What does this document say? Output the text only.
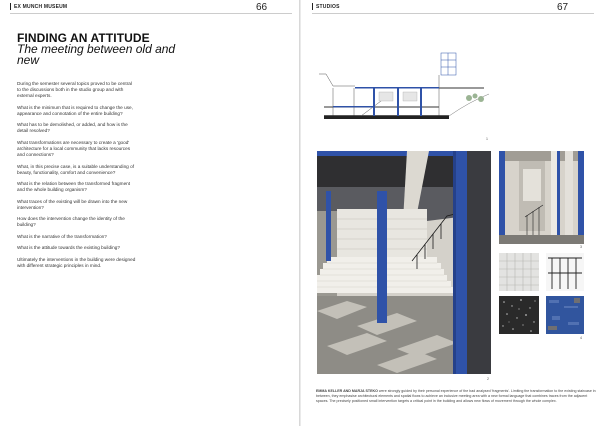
EX MUNCH MUSEUM	66
FINDING AN ATTITUDE
The meeting between old and new

During the semester several topics proved to be central to the discussions both in the studio group and with external experts.

What is the minimum that is required to change the use, appearance and connotation of the entire building?

What has to be demolished, or added, and how is the detail resolved?

What transformations are necessary to create a 'good' architecture for a local community that lacks resources and connections?

What, in this precise case, is a suitable understanding of beauty, functionality, comfort and convenience?

What is the relation between the transformed fragment and the whole building organism?

What traces of the existing will be drawn into the new intervention?

How does the intervention change the identity of the building?

What is the narrative of the transformation?

What is the attitude towards the existing building?

Ultimately the interventions in the building were designed with different strategic principles in mind.

STUDIOS	67
1
2
3
4
EMMA KELLER AND MARJA STEKO were strongly guided by their personal experience of the bad analysed 'fragments'. Limiting the transformation to the existing staircase in between, they emphasise architectural elements and spatial flows to achieve an inclusive meeting area with a new formal language that combines traces from the adjacent spaces. The precisely positioned small intervention targets a critical point in the building and allows new flows of movement through the whole complex.
